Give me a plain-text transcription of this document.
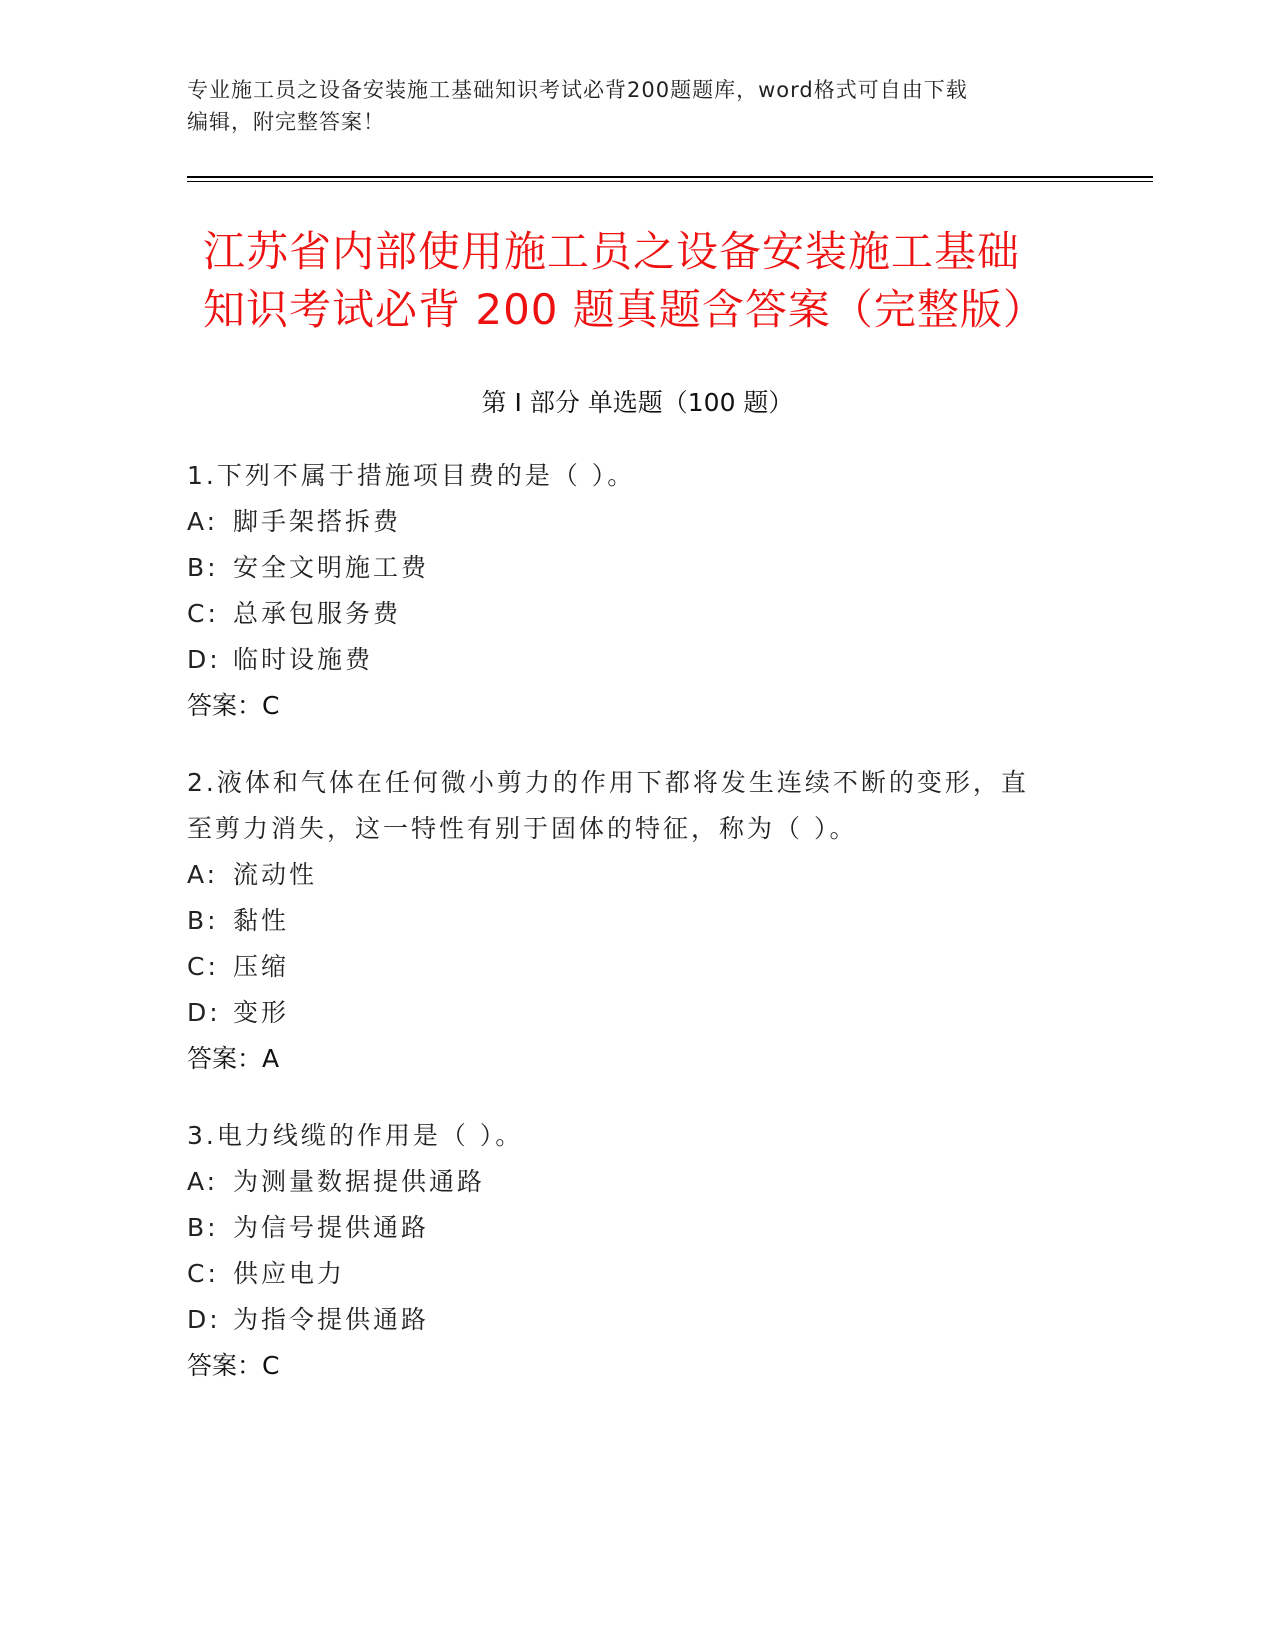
专业施工员之设备安装施工基础知识考试必背200题题库，word格式可自由下载
编辑，附完整答案！
江苏省内部使用施工员之设备安装施工基础
知识考试必背 200 题真题含答案（完整版）
第 I 部分 单选题（100 题）
1.下列不属于措施项目费的是（ ）。
A: 脚手架搭拆费
B: 安全文明施工费
C: 总承包服务费
D: 临时设施费
答案：C
2.液体和气体在任何微小剪力的作用下都将发生连续不断的变形，直
至剪力消失，这一特性有别于固体的特征，称为（ ）。
A: 流动性
B: 黏性
C: 压缩
D: 变形
答案：A
3.电力线缆的作用是（ ）。
A: 为测量数据提供通路
B: 为信号提供通路
C: 供应电力
D: 为指令提供通路
答案：C
